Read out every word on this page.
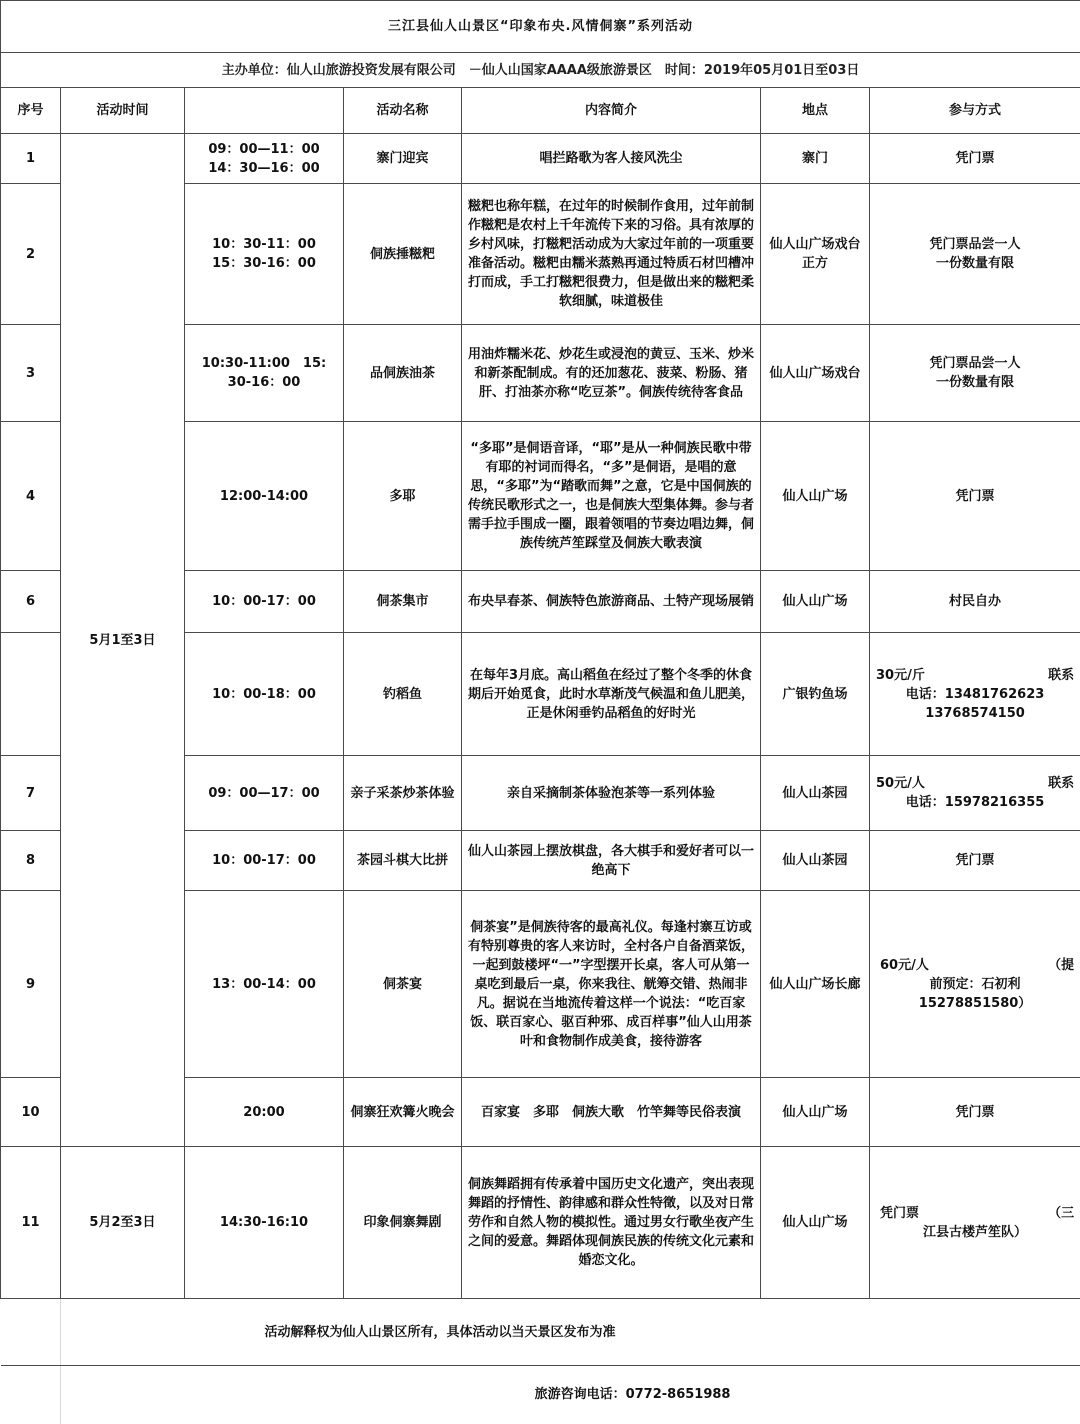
三江县仙人山景区“印象布央.风情侗寨”系列活动						
主办单位：仙人山旅游投资发展有限公司　－仙人山国家AAAA级旅游景区　时间：2019年05月01日至03日						
序号	活动时间		活动名称	内容简介	地点	参与方式
1	5月1至3日	09：00—11：00
14：30—16：00	寨门迎宾	唱拦路歌为客人接风洗尘	寨门	凭门票
2		10：30-11：00
15：30-16：00	侗族捶糍粑	糍粑也称年糕，在过年的时候制作食用，过年前制作糍粑是农村上千年流传下来的习俗。具有浓厚的乡村风味，打糍粑活动成为大家过年前的一项重要准备活动。糍粑由糯米蒸熟再通过特质石材凹槽冲打而成，手工打糍粑很费力，但是做出来的糍粑柔软细腻，味道极佳	仙人山广场戏台正方	凭门票品尝一人一份数量有限
3		10:30-11:00　15:
30-16：00	品侗族油茶	用油炸糯米花、炒花生或浸泡的黄豆、玉米、炒米和新茶配制成。有的还加葱花、菠菜、粉肠、猪肝、打油茶亦称“吃豆茶”。侗族传统待客食品	仙人山广场戏台	凭门票品尝一人一份数量有限
4		12:00-14:00	多耶	“多耶”是侗语音译，“耶”是从一种侗族民歌中带有耶的衬词而得名，“多”是侗语，是唱的意思，“多耶”为“踏歌而舞”之意，它是中国侗族的传统民歌形式之一，也是侗族大型集体舞。参与者需手拉手围成一圈，跟着领唱的节奏边唱边舞，侗族传统芦笙踩堂及侗族大歌表演	仙人山广场	凭门票
6		10：00-17：00	侗茶集市	布央早春茶、侗族特色旅游商品、土特产现场展销	仙人山广场	村民自办

		10：00-18：00	钓稻鱼	在每年3月底。高山稻鱼在经过了整个冬季的休食期后开始觅食，此时水草渐茂气候温和鱼儿肥美，正是休闲垂钓品稻鱼的好时光	广银钓鱼场	30元/斤 联系
电话：13481762623 13768574150
7		09：00—17：00	亲子采茶炒茶体验	亲自采摘制茶体验泡茶等一系列体验	仙人山茶园	50元/人 联系
电话：15978216355
8		10：00-17：00	茶园斗棋大比拼	仙人山茶园上摆放棋盘，各大棋手和爱好者可以一绝高下	仙人山茶园	凭门票
9		13：00-14：00	侗茶宴	侗茶宴”是侗族待客的最高礼仪。每逢村寨互访或有特别尊贵的客人来访时，全村各户自备酒菜饭，一起到鼓楼坪“一”字型摆开长桌，客人可从第一桌吃到最后一桌，你来我往、觥筹交错、热闹非凡。据说在当地流传着这样一个说法：“吃百家饭、联百家心、驱百种邪、成百样事”仙人山用茶叶和食物制作成美食，接待游客	仙人山广场长廊	60元/人 （提
前预定：石初利 15278851580）
10		20:00	侗寨狂欢篝火晚会	百家宴　多耶　侗族大歌　竹竿舞等民俗表演	仙人山广场	凭门票
11	5月2至3日	14:30-16:10	印象侗寨舞剧	侗族舞蹈拥有传承着中国历史文化遗产，突出表现舞蹈的抒情性、韵律感和群众性特徵，以及对日常劳作和自然人物的模拟性。通过男女行歌坐夜产生之间的爱意。舞蹈体现侗族民族的传统文化元素和婚恋文化。	仙人山广场	凭门票 （三
江县古楼芦笙队）
		活动解释权为仙人山景区所有，具体活动以当天景区发布为准				
		旅游咨询电话：0772-8651988				
